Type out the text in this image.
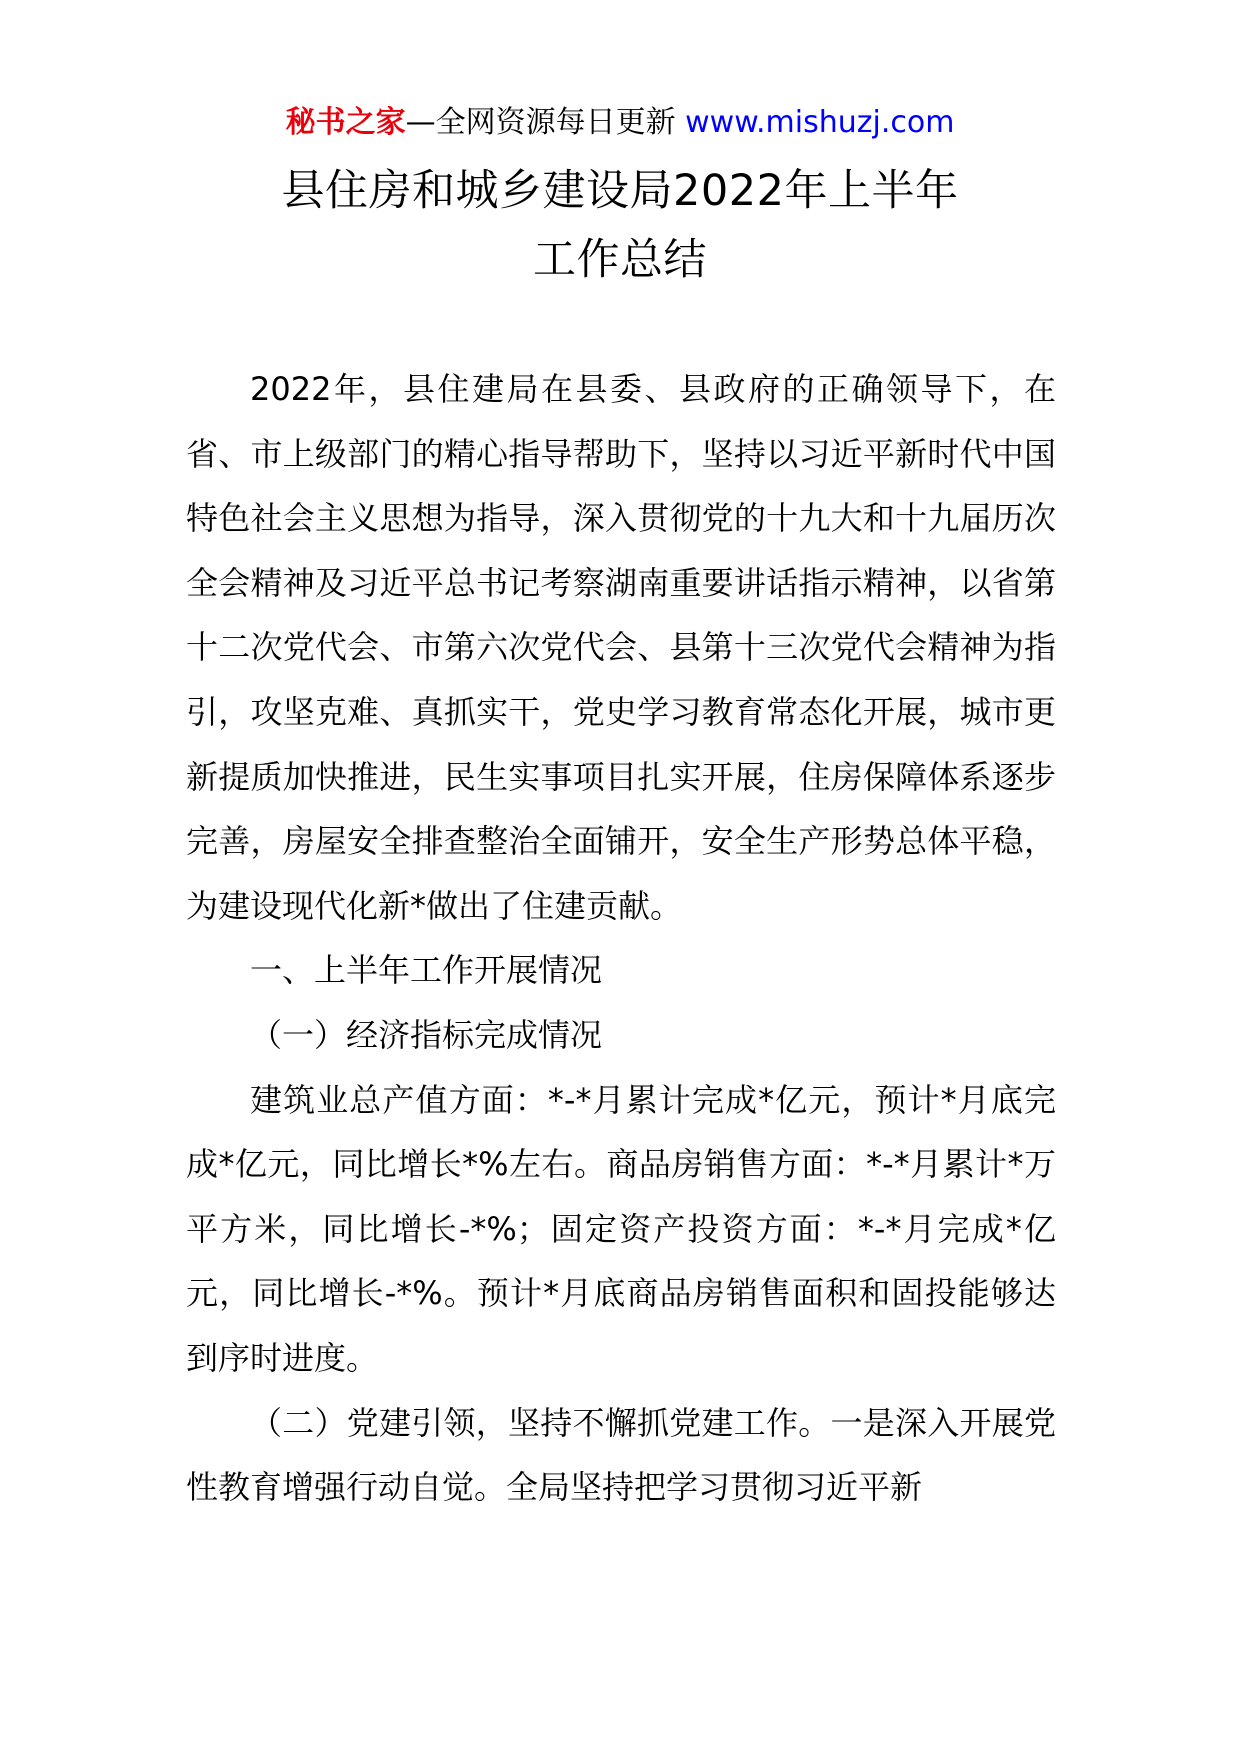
秘书之家—全网资源每日更新 www.mishuzj.com
县住房和城乡建设局2022年上半年
工作总结

2022年，县住建局在县委、县政府的正确领导下，在省、市上级部门的精心指导帮助下，坚持以习近平新时代中国特色社会主义思想为指导，深入贯彻党的十九大和十九届历次全会精神及习近平总书记考察湖南重要讲话指示精神，以省第十二次党代会、市第六次党代会、县第十三次党代会精神为指引，攻坚克难、真抓实干，党史学习教育常态化开展，城市更新提质加快推进，民生实事项目扎实开展，住房保障体系逐步完善，房屋安全排查整治全面铺开，安全生产形势总体平稳，为建设现代化新*做出了住建贡献。

一、上半年工作开展情况

（一）经济指标完成情况

建筑业总产值方面：*-*月累计完成*亿元，预计*月底完成*亿元，同比增长*%左右。商品房销售方面：*-*月累计*万平方米，同比增长-*%；固定资产投资方面：*-*月完成*亿元，同比增长-*%。预计*月底商品房销售面积和固投能够达到序时进度。

（二）党建引领，坚持不懈抓党建工作。一是深入开展党性教育增强行动自觉。全局坚持把学习贯彻习近平新
